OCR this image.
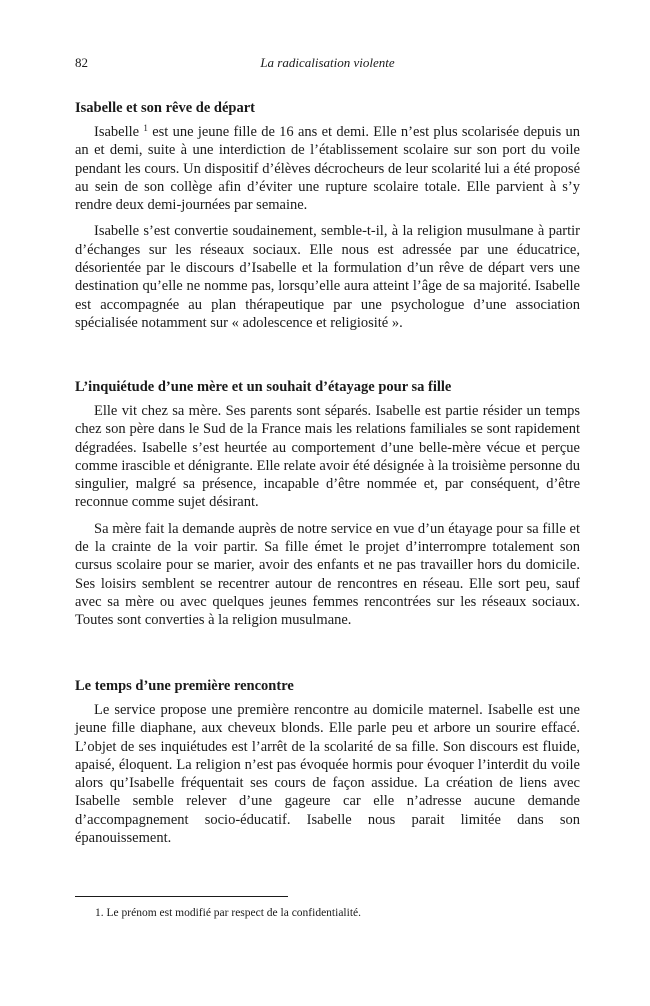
82	La radicalisation violente
Isabelle et son rêve de départ

Isabelle $^1$ est une jeune fille de 16 ans et demi. Elle n’est plus scolarisée depuis un an et demi, suite à une interdiction de l’établissement scolaire sur son port du voile pendant les cours. Un dispositif d’élèves décrocheurs de leur scolarité lui a été proposé au sein de son collège afin d’éviter une rupture scolaire totale. Elle parvient à s’y rendre deux demi-journées par semaine.

Isabelle s’est convertie soudainement, semble-t-il, à la religion musulmane à partir d’échanges sur les réseaux sociaux. Elle nous est adressée par une éducatrice, désorientée par le discours d’Isabelle et la formulation d’un rêve de départ vers une destination qu’elle ne nomme pas, lorsqu’elle aura atteint l’âge de sa majorité. Isabelle est accompagnée au plan thérapeutique par une psychologue d’une association spécialisée notamment sur « adolescence et religiosité ».

L’inquiétude d’une mère et un souhait d’étayage pour sa fille

Elle vit chez sa mère. Ses parents sont séparés. Isabelle est partie résider un temps chez son père dans le Sud de la France mais les relations familiales se sont rapidement dégradées. Isabelle s’est heurtée au comportement d’une belle-mère vécue et perçue comme irascible et dénigrante. Elle relate avoir été désignée à la troisième personne du singulier, malgré sa présence, incapable d’être nommée et, par conséquent, d’être reconnue comme sujet désirant.

Sa mère fait la demande auprès de notre service en vue d’un étayage pour sa fille et de la crainte de la voir partir. Sa fille émet le projet d’interrompre totalement son cursus scolaire pour se marier, avoir des enfants et ne pas travailler hors du domicile. Ses loisirs semblent se recentrer autour de rencontres en réseau. Elle sort peu, sauf avec sa mère ou avec quelques jeunes femmes rencontrées sur les réseaux sociaux. Toutes sont converties à la religion musulmane.

Le temps d’une première rencontre

Le service propose une première rencontre au domicile maternel. Isabelle est une jeune fille diaphane, aux cheveux blonds. Elle parle peu et arbore un sourire effacé. L’objet de ses inquiétudes est l’arrêt de la scolarité de sa fille. Son discours est fluide, apaisé, éloquent. La religion n’est pas évoquée hormis pour évoquer l’interdit du voile alors qu’Isabelle fréquentait ses cours de façon assidue. La création de liens avec Isabelle semble relever d’une gageure car elle n’adresse aucune demande d’accompagnement socio-éducatif. Isabelle nous parait limitée dans son épanouissement.

1. Le prénom est modifié par respect de la confidentialité.
